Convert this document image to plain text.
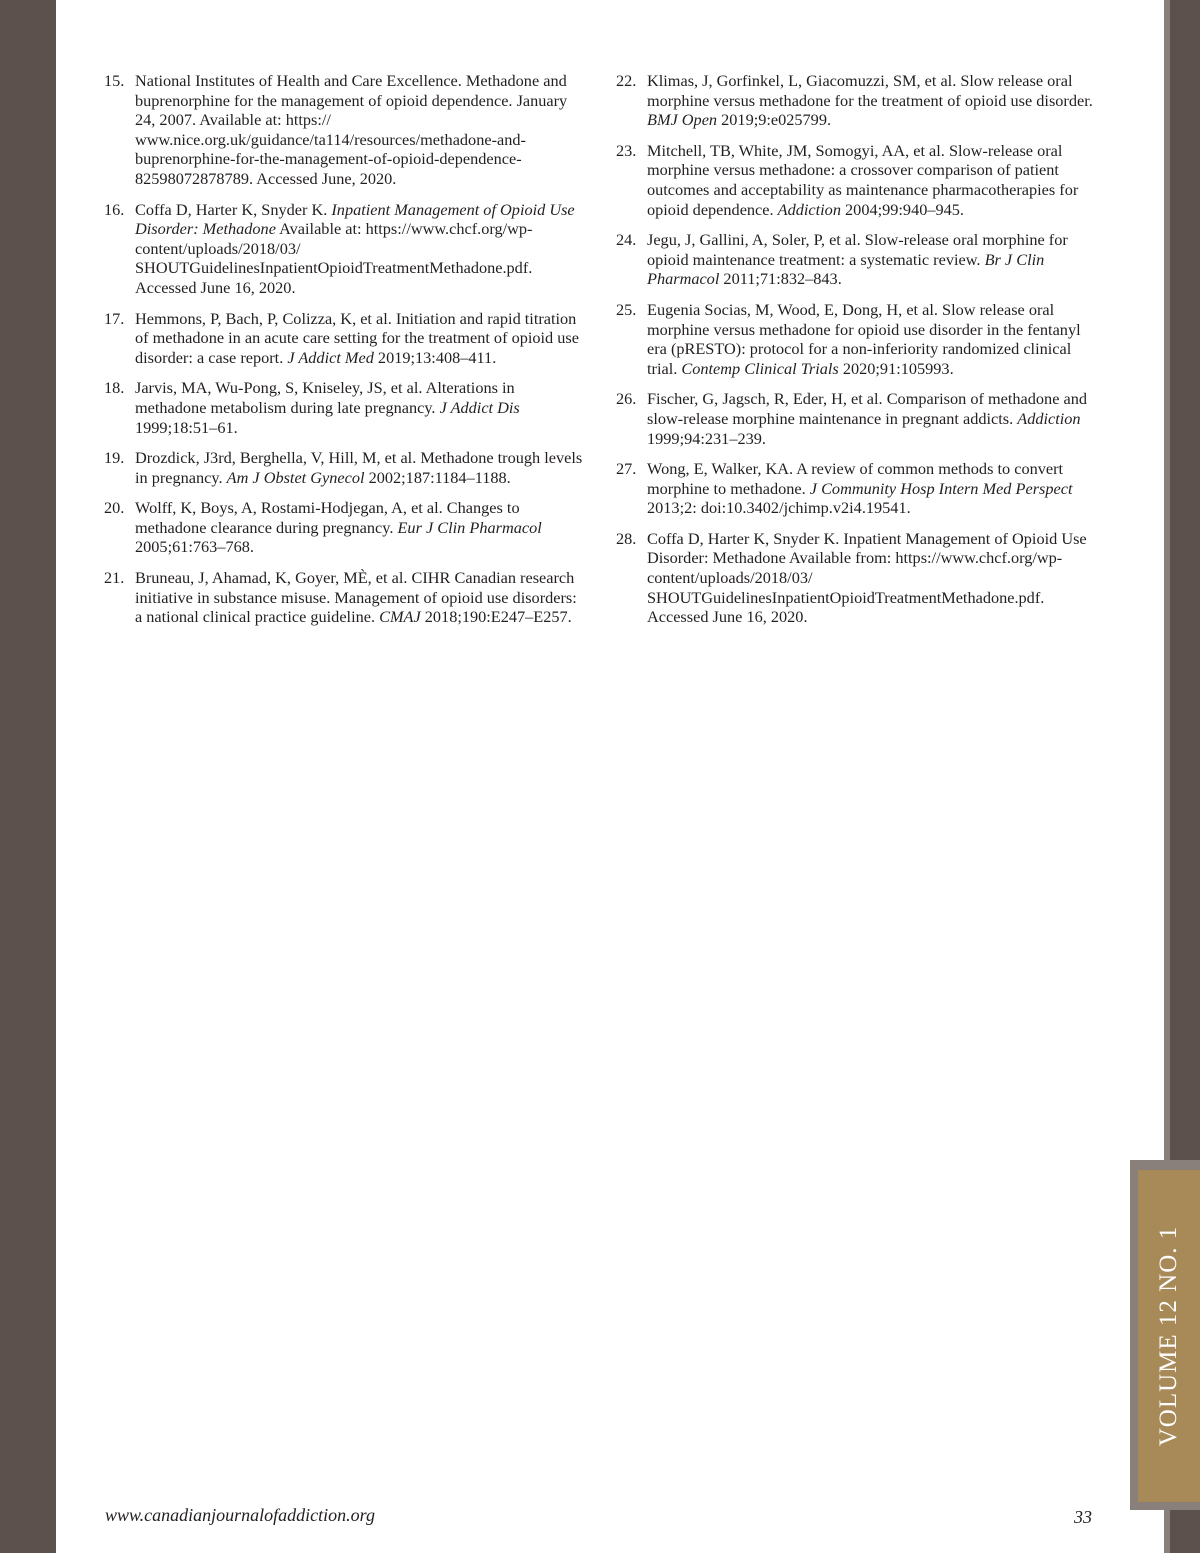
VOLUME 12 NO. 1
15. National Institutes of Health and Care Excellence. Methadone and buprenorphine for the management of opioid dependence. January 24, 2007. Available at: https://​www.nice.org.uk/guidance/ta114/resources/methadone-and-​buprenorphine-for-the-management-of-opioid-dependence-​82598072878789. Accessed June, 2020.
16. Coffa D, Harter K, Snyder K. Inpatient Management of Opioid Use Disorder: Methadone Available at: https://www.chcf.org/​wp-content/uploads/2018/03/​SHOUTGuidelinesInpatientOpioidTreatmentMethadone.pdf. Accessed June 16, 2020.
17. Hemmons, P, Bach, P, Colizza, K, et al. Initiation and rapid titration of methadone in an acute care setting for the treatment of opioid use disorder: a case report. J Addict Med 2019;13:408–411.
18. Jarvis, MA, Wu-Pong, S, Kniseley, JS, et al. Alterations in methadone metabolism during late pregnancy. J Addict Dis 1999;18:51–61.
19. Drozdick, J3rd, Berghella, V, Hill, M, et al. Methadone trough levels in pregnancy. Am J Obstet Gynecol 2002;187:1184–1188.
20. Wolff, K, Boys, A, Rostami-Hodjegan, A, et al. Changes to methadone clearance during pregnancy. Eur J Clin Pharmacol 2005;61:763–768.
21. Bruneau, J, Ahamad, K, Goyer, MÈ, et al. CIHR Canadian research initiative in substance misuse. Management of opioid use disorders: a national clinical practice guideline. CMAJ 2018;190:E247–E257.
22. Klimas, J, Gorfinkel, L, Giacomuzzi, SM, et al. Slow release oral morphine versus methadone for the treatment of opioid use disorder. BMJ Open 2019;9:e025799.
23. Mitchell, TB, White, JM, Somogyi, AA, et al. Slow-release oral morphine versus methadone: a crossover comparison of patient outcomes and acceptability as maintenance pharmacotherapies for opioid dependence. Addiction 2004;99:940–945.
24. Jegu, J, Gallini, A, Soler, P, et al. Slow-release oral morphine for opioid maintenance treatment: a systematic review. Br J Clin Pharmacol 2011;71:832–843.
25. Eugenia Socias, M, Wood, E, Dong, H, et al. Slow release oral morphine versus methadone for opioid use disorder in the fentanyl era (pRESTO): protocol for a non-inferiority randomized clinical trial. Contemp Clinical Trials 2020;91:105993.
26. Fischer, G, Jagsch, R, Eder, H, et al. Comparison of methadone and slow-release morphine maintenance in pregnant addicts. Addiction 1999;94:231–239.
27. Wong, E, Walker, KA. A review of common methods to convert morphine to methadone. J Community Hosp Intern Med Perspect 2013;2: doi:10.3402/jchimp.v2i4.19541.
28. Coffa D, Harter K, Snyder K. Inpatient Management of Opioid Use Disorder: Methadone Available from: https://​www.chcf.org/wp-content/uploads/2018/03/​SHOUTGuidelinesInpatientOpioidTreatmentMethadone.pdf. Accessed June 16, 2020.
www.canadianjournalofaddiction.org	33
